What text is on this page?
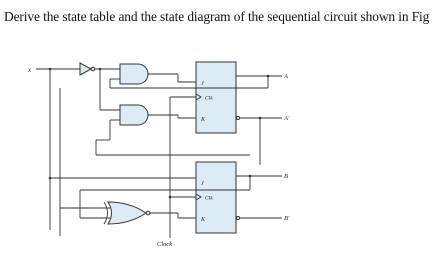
Derive the state table and the state diagram of the sequential circuit shown in Fig
x
J
Clk
K
A
A'
J
Clk
K
B
B'
Clock
